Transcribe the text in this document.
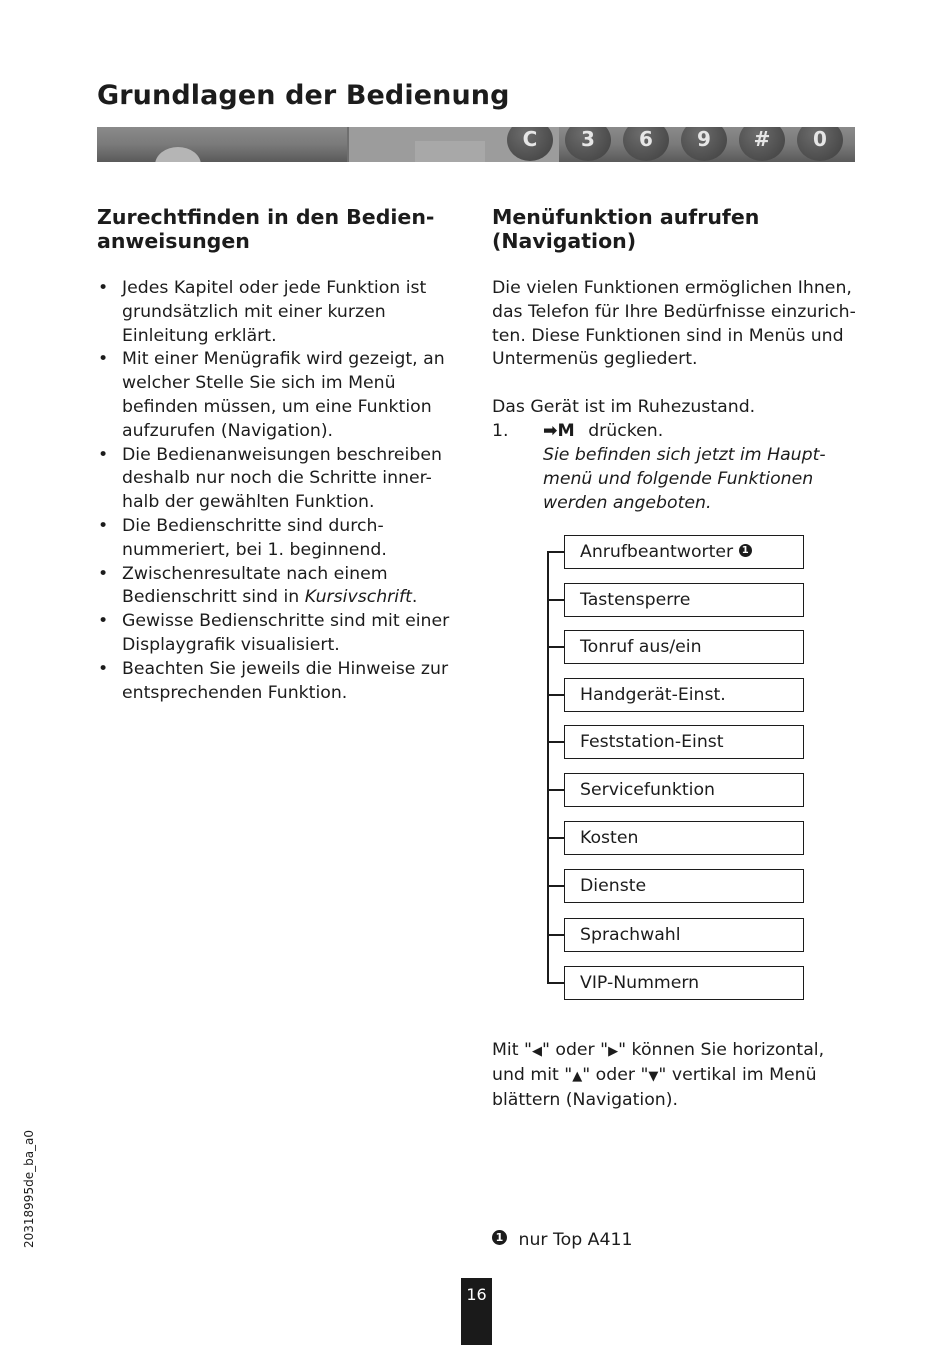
Grundlagen der Bedienung
C	3	6	9	#	0
Zurechtfinden in den Bedien-
anweisungen
• Jedes Kapitel oder jede Funktion ist
grundsätzlich mit einer kurzen
Einleitung erklärt.
• Mit einer Menügrafik wird gezeigt, an
welcher Stelle Sie sich im Menü
befinden müssen, um eine Funktion
aufzurufen (Navigation).
• Die Bedienanweisungen beschreiben
deshalb nur noch die Schritte inner-
halb der gewählten Funktion.
• Die Bedienschritte sind durch-
nummeriert, bei 1. beginnend.
• Zwischenresultate nach einem
Bedienschritt sind in Kursivschrift.
• Gewisse Bedienschritte sind mit einer
Displaygrafik visualisiert.
• Beachten Sie jeweils die Hinweise zur
entsprechenden Funktion.
Menüfunktion aufrufen
(Navigation)
Die vielen Funktionen ermöglichen Ihnen,
das Telefon für Ihre Bedürfnisse einzurich-
ten. Diese Funktionen sind in Menüs und
Untermenüs gegliedert.
Das Gerät ist im Ruhezustand.
1. ➡M drücken.
Sie befinden sich jetzt im Haupt-
menü und folgende Funktionen
werden angeboten.
Anrufbeantworter 1
Tastensperre
Tonruf aus/ein
Handgerät-Einst.
Feststation-Einst
Servicefunktion
Kosten
Dienste
Sprachwahl
VIP-Nummern
Mit "◀" oder "▶" können Sie horizontal,
und mit "▲" oder "▼" vertikal im Menü
blättern (Navigation).
1 nur Top A411
20318995de_ba_a0
16
